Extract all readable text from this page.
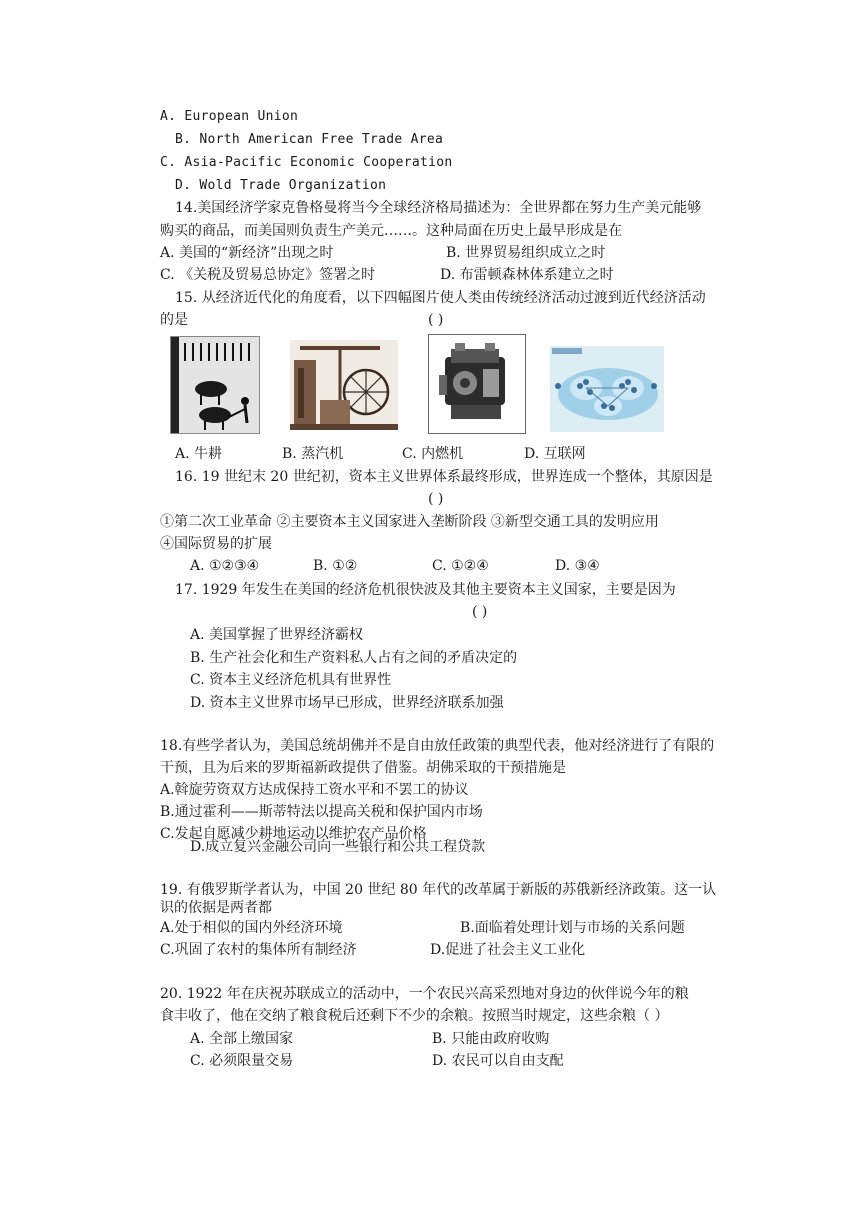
A. European Union
B. North American Free Trade Area
C. Asia-Pacific Economic Cooperation
D. Wold Trade Organization
14.美国经济学家克鲁格曼将当今全球经济格局描述为：全世界都在努力生产美元能够
购买的商品，而美国则负责生产美元……。这种局面在历史上最早形成是在
A. 美国的“新经济”出现之时	B. 世界贸易组织成立之时
C. 《关税及贸易总协定》签署之时	D. 布雷顿森林体系建立之时
15. 从经济近代化的角度看，以下四幅图片使人类由传统经济活动过渡到近代经济活动
的是	( )
A. 牛耕	B. 蒸汽机	C. 内燃机	D. 互联网
16. 19 世纪末 20 世纪初，资本主义世界体系最终形成，世界连成一个整体，其原因是
( )
①第二次工业革命 ②主要资本主义国家进入垄断阶段 ③新型交通工具的发明应用
④国际贸易的扩展
A. ①②③④	B. ①②	C. ①②④	D. ③④
17. 1929 年发生在美国的经济危机很快波及其他主要资本主义国家，主要是因为
( )
A. 美国掌握了世界经济霸权
B. 生产社会化和生产资料私人占有之间的矛盾决定的
C. 资本主义经济危机具有世界性
D. 资本主义世界市场早已形成，世界经济联系加强
18.有些学者认为，美国总统胡佛并不是自由放任政策的典型代表，他对经济进行了有限的
干预，且为后来的罗斯福新政提供了借鉴。胡佛采取的干预措施是
A.斡旋劳资双方达成保持工资水平和不罢工的协议
B.通过霍利——斯蒂特法以提高关税和保护国内市场
C.发起自愿减少耕地运动以维护农产品价格
D.成立复兴金融公司向一些银行和公共工程贷款
19. 有俄罗斯学者认为，中国 20 世纪 80 年代的改革属于新版的苏俄新经济政策。这一认
识的依据是两者都
A.处于相似的国内外经济环境	B.面临着处理计划与市场的关系问题
C.巩固了农村的集体所有制经济	D.促进了社会主义工业化
20. 1922 年在庆祝苏联成立的活动中，一个农民兴高采烈地对身边的伙伴说今年的粮
食丰收了，他在交纳了粮食税后还剩下不少的余粮。按照当时规定，这些余粮（ ）
A. 全部上缴国家	B. 只能由政府收购
C. 必须限量交易	D. 农民可以自由支配
